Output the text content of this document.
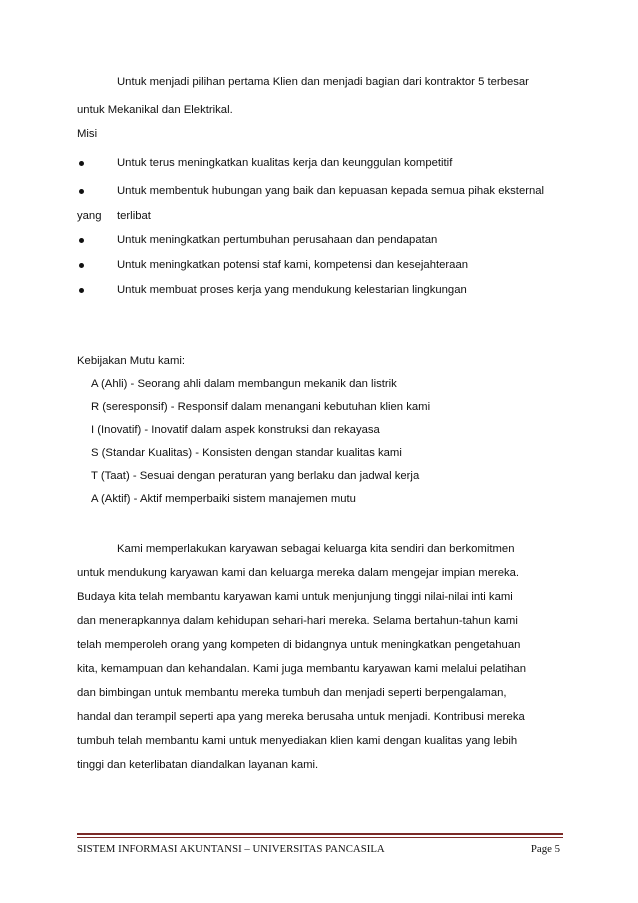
Untuk menjadi pilihan pertama Klien dan menjadi bagian dari kontraktor 5 terbesar
untuk Mekanikal dan Elektrikal.
Misi
Untuk terus meningkatkan kualitas kerja dan keunggulan kompetitif
Untuk membentuk hubungan yang baik dan kepuasan kepada semua pihak eksternal
yang terlibat
Untuk meningkatkan pertumbuhan perusahaan dan pendapatan
Untuk meningkatkan potensi staf kami, kompetensi dan kesejahteraan
Untuk membuat proses kerja yang mendukung kelestarian lingkungan
Kebijakan Mutu kami:
A (Ahli) - Seorang ahli dalam membangun mekanik dan listrik
R (seresponsif) - Responsif dalam menangani kebutuhan klien kami
I (Inovatif) - Inovatif dalam aspek konstruksi dan rekayasa
S (Standar Kualitas) - Konsisten dengan standar kualitas kami
T (Taat) - Sesuai dengan peraturan yang berlaku dan jadwal kerja
A (Aktif) - Aktif memperbaiki sistem manajemen mutu
Kami memperlakukan karyawan sebagai keluarga kita sendiri dan berkomitmen
untuk mendukung karyawan kami dan keluarga mereka dalam mengejar impian mereka.
Budaya kita telah membantu karyawan kami untuk menjunjung tinggi nilai-nilai inti kami
dan menerapkannya dalam kehidupan sehari-hari mereka. Selama bertahun-tahun kami
telah memperoleh orang yang kompeten di bidangnya untuk meningkatkan pengetahuan
kita, kemampuan dan kehandalan. Kami juga membantu karyawan kami melalui pelatihan
dan bimbingan untuk membantu mereka tumbuh dan menjadi seperti berpengalaman,
handal dan terampil seperti apa yang mereka berusaha untuk menjadi. Kontribusi mereka
tumbuh telah membantu kami untuk menyediakan klien kami dengan kualitas yang lebih
tinggi dan keterlibatan diandalkan layanan kami.
SISTEM INFORMASI AKUNTANSI – UNIVERSITAS PANCASILA	Page 5
